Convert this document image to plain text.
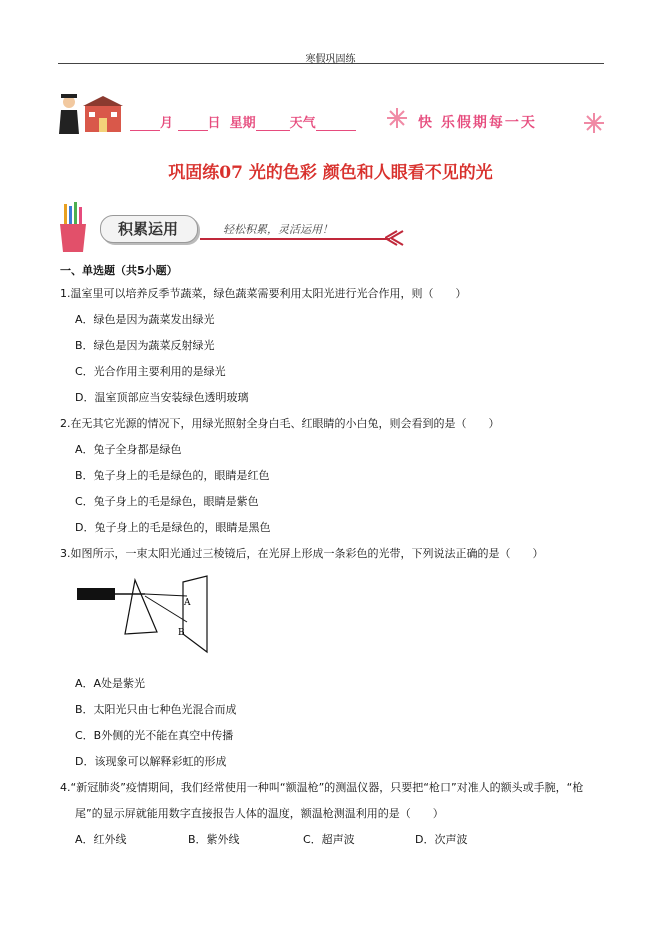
寒假巩固练
月	日 星期	天气	快 乐假期每一天
巩固练07 光的色彩 颜色和人眼看不见的光
积累运用	轻松积累，灵活运用！
一、单选题（共5小题）
1.温室里可以培养反季节蔬菜，绿色蔬菜需要利用太阳光进行光合作用，则（　　）
A．绿色是因为蔬菜发出绿光
B．绿色是因为蔬菜反射绿光
C．光合作用主要利用的是绿光
D．温室顶部应当安装绿色透明玻璃
2.在无其它光源的情况下，用绿光照射全身白毛、红眼睛的小白兔，则会看到的是（　　）
A．兔子全身都是绿色
B．兔子身上的毛是绿色的，眼睛是红色
C．兔子身上的毛是绿色，眼睛是紫色
D．兔子身上的毛是绿色的，眼睛是黑色
3.如图所示，一束太阳光通过三棱镜后，在光屏上形成一条彩色的光带，下列说法正确的是（　　）
A
B
A．A处是紫光
B．太阳光只由七种色光混合而成
C．B外侧的光不能在真空中传播
D．该现象可以解释彩虹的形成
4.“新冠肺炎”疫情期间，我们经常使用一种叫“额温枪”的测温仪器，只要把“枪口”对准人的额头或手腕，“枪
尾”的显示屏就能用数字直接报告人体的温度，额温枪测温利用的是（　　）
A．红外线	B．紫外线	C．超声波	D．次声波
